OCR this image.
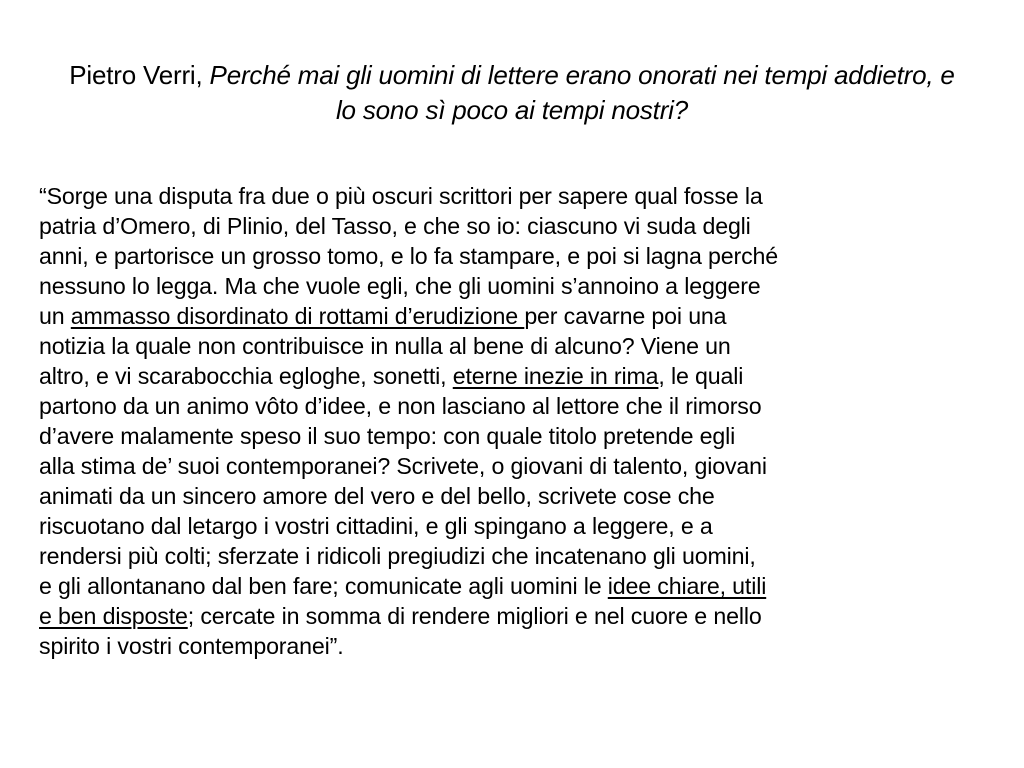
Pietro Verri, Perché mai gli uomini di lettere erano onorati nei tempi addietro, e lo sono sì poco ai tempi nostri?
“Sorge una disputa fra due o più oscuri scrittori per sapere qual fosse la
patria d’Omero, di Plinio, del Tasso, e che so io: ciascuno vi suda degli
anni, e partorisce un grosso tomo, e lo fa stampare, e poi si lagna perché
nessuno lo legga. Ma che vuole egli, che gli uomini s’annoino a leggere
un ammasso disordinato di rottami d’erudizione per cavarne poi una
notizia la quale non contribuisce in nulla al bene di alcuno? Viene un
altro, e vi scarabocchia egloghe, sonetti, eterne inezie in rima, le quali
partono da un animo vôto d’idee, e non lasciano al lettore che il rimorso
d’avere malamente speso il suo tempo: con quale titolo pretende egli
alla stima de’ suoi contemporanei? Scrivete, o giovani di talento, giovani
animati da un sincero amore del vero e del bello, scrivete cose che
riscuotano dal letargo i vostri cittadini, e gli spingano a leggere, e a
rendersi più colti; sferzate i ridicoli pregiudizi che incatenano gli uomini,
e gli allontanano dal ben fare; comunicate agli uomini le idee chiare, utili
e ben disposte; cercate in somma di rendere migliori e nel cuore e nello
spirito i vostri contemporanei”.
